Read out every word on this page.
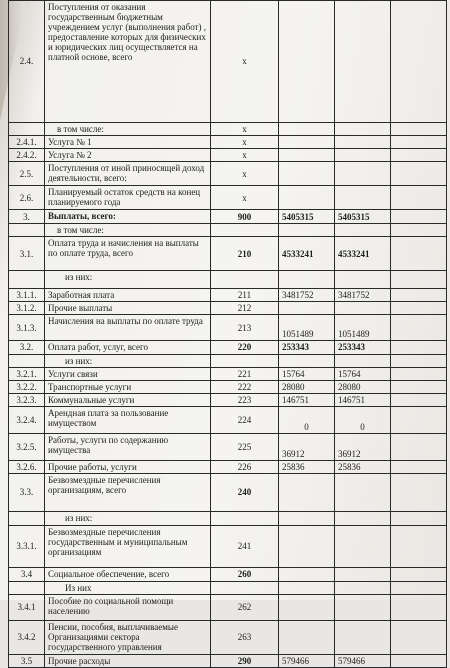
2.4.	Поступления от оказания государственным бюджетным учреждением услуг (выполнения работ) , предоставление которых для физических и юридических лиц осуществляется на платной основе, всего	x			
	в том числе:	x			
2.4.1.	Услуга № 1	x			
2.4.2.	Услуга № 2	x			
2.5.	Поступления от иной приносящей доход деятельности, всего:	x			
2.6.	Планируемый остаток средств на конец планируемого года	x			
3.	Выплаты, всего:	900	5405315	5405315	
	в том числе:				
3.1.	Оплата труда и начисления на выплаты по оплате труда, всего	210	4533241	4533241	
	из них:				
3.1.1.	Заработная плата	211	3481752	3481752	
3.1.2.	Прочие выплаты	212			
3.1.3.	Начисления на выплаты по оплате труда	213	1051489	1051489	
3.2.	Оплата работ, услуг, всего	220	253343	253343	
	из них:				
3.2.1.	Услуги связи	221	15764	15764	
3.2.2.	Транспортные услуги	222	28080	28080	
3.2.3.	Коммунальные услуги	223	146751	146751	
3.2.4.	Арендная плата за пользование имуществом	224	0	0	
3.2.5.	Работы, услуги по содержанию имущества	225	36912	36912	
3.2.6.	Прочие работы, услуги	226	25836	25836	
3.3.	Безвозмездные перечисления организациям, всего	240			
	из них:				
3.3.1.	Безвозмездные перечисления государственным и муниципальным организациям	241			
3.4	Социальное обеспечение, всего	260			
	Из них				
3.4.1	Пособие по социальной помощи населению	262			
3.4.2	Пенсии, пособия, выплачиваемые Организациями сектора государственного управления	263			
3.5	Прочие расходы	290	579466	579466	
